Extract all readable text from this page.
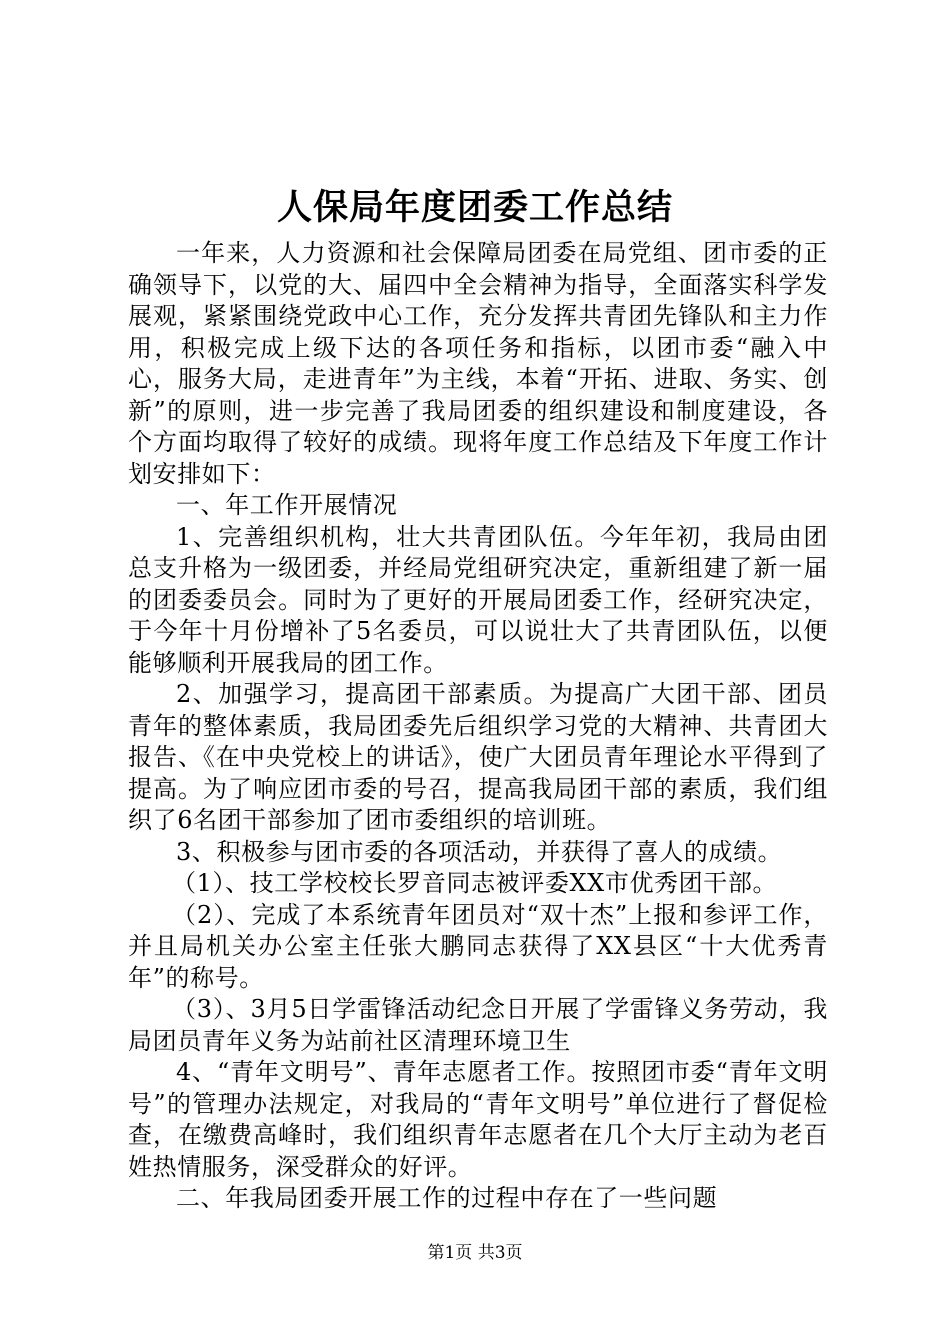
人保局年度团委工作总结

一年来，人力资源和社会保障局团委在局党组、团市委的正确领导下，以党的大、届四中全会精神为指导，全面落实科学发展观，紧紧围绕党政中心工作，充分发挥共青团先锋队和主力作用，积极完成上级下达的各项任务和指标，以团市委“融入中心，服务大局，走进青年”为主线，本着“开拓、进取、务实、创新”的原则，进一步完善了我局团委的组织建设和制度建设，各个方面均取得了较好的成绩。现将年度工作总结及下年度工作计划安排如下：

一、年工作开展情况

1、完善组织机构，壮大共青团队伍。今年年初，我局由团总支升格为一级团委，并经局党组研究决定，重新组建了新一届的团委委员会。同时为了更好的开展局团委工作，经研究决定，于今年十月份增补了5名委员，可以说壮大了共青团队伍，以便能够顺利开展我局的团工作。

2、加强学习，提高团干部素质。为提高广大团干部、团员青年的整体素质，我局团委先后组织学习党的大精神、共青团大报告、《在中央党校上的讲话》，使广大团员青年理论水平得到了提高。为了响应团市委的号召，提高我局团干部的素质，我们组织了6名团干部参加了团市委组织的培训班。

3、积极参与团市委的各项活动，并获得了喜人的成绩。

（1）、技工学校校长罗音同志被评委XX市优秀团干部。

（2）、完成了本系统青年团员对“双十杰”上报和参评工作，并且局机关办公室主任张大鹏同志获得了XX县区“十大优秀青年”的称号。

（3）、3月5日学雷锋活动纪念日开展了学雷锋义务劳动，我局团员青年义务为站前社区清理环境卫生

4、“青年文明号”、青年志愿者工作。按照团市委“青年文明号”的管理办法规定，对我局的“青年文明号”单位进行了督促检查，在缴费高峰时，我们组织青年志愿者在几个大厅主动为老百姓热情服务，深受群众的好评。

二、年我局团委开展工作的过程中存在了一些问题

第1页 共3页
